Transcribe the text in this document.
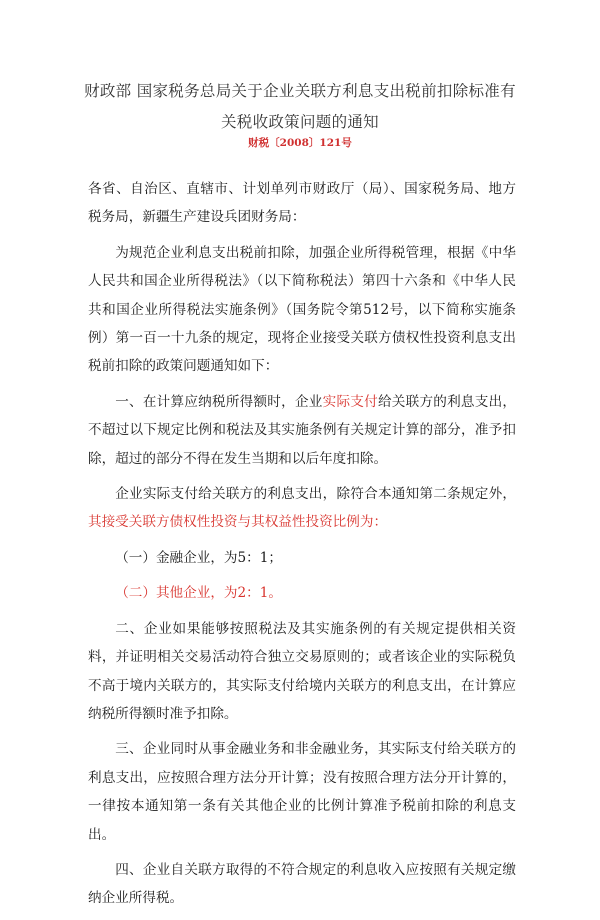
财政部 国家税务总局关于企业关联方利息支出税前扣除标准有关税收政策问题的通知
财税〔2008〕121号

各省、自治区、直辖市、计划单列市财政厅（局）、国家税务局、地方税务局，新疆生产建设兵团财务局：

为规范企业利息支出税前扣除，加强企业所得税管理，根据《中华人民共和国企业所得税法》（以下简称税法）第四十六条和《中华人民共和国企业所得税法实施条例》（国务院令第512号，以下简称实施条例）第一百一十九条的规定，现将企业接受关联方债权性投资利息支出税前扣除的政策问题通知如下：

一、在计算应纳税所得额时，企业实际支付给关联方的利息支出，不超过以下规定比例和税法及其实施条例有关规定计算的部分，准予扣除，超过的部分不得在发生当期和以后年度扣除。

企业实际支付给关联方的利息支出，除符合本通知第二条规定外，其接受关联方债权性投资与其权益性投资比例为：

（一）金融企业，为5：1；

（二）其他企业，为2：1。

二、企业如果能够按照税法及其实施条例的有关规定提供相关资料，并证明相关交易活动符合独立交易原则的；或者该企业的实际税负不高于境内关联方的，其实际支付给境内关联方的利息支出，在计算应纳税所得额时准予扣除。

三、企业同时从事金融业务和非金融业务，其实际支付给关联方的利息支出，应按照合理方法分开计算；没有按照合理方法分开计算的，一律按本通知第一条有关其他企业的比例计算准予税前扣除的利息支出。

四、企业自关联方取得的不符合规定的利息收入应按照有关规定缴纳企业所得税。
